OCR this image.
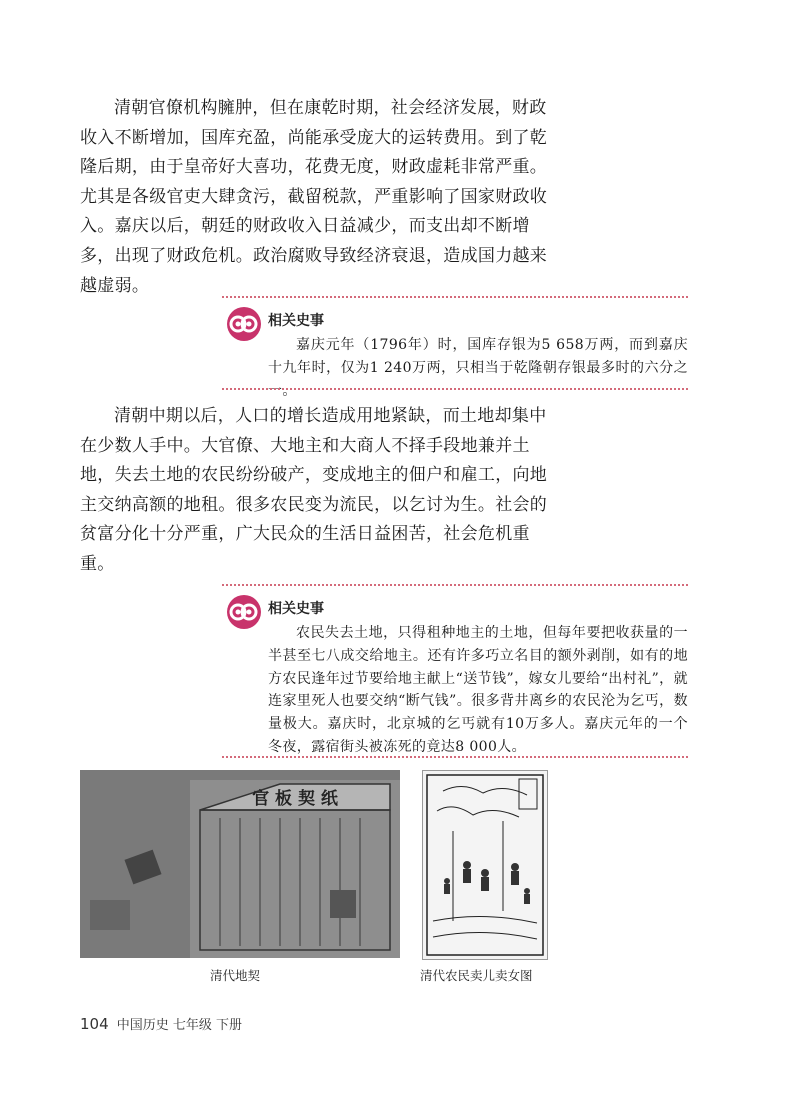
清朝官僚机构臃肿，但在康乾时期，社会经济发展，财政收入不断增加，国库充盈，尚能承受庞大的运转费用。到了乾隆后期，由于皇帝好大喜功，花费无度，财政虚耗非常严重。尤其是各级官吏大肆贪污，截留税款，严重影响了国家财政收入。嘉庆以后，朝廷的财政收入日益减少，而支出却不断增多，出现了财政危机。政治腐败导致经济衰退，造成国力越来越虚弱。

相关史事

嘉庆元年（1796年）时，国库存银为5 658万两，而到嘉庆十九年时，仅为1 240万两，只相当于乾隆朝存银最多时的六分之一。

清朝中期以后，人口的增长造成用地紧缺，而土地却集中在少数人手中。大官僚、大地主和大商人不择手段地兼并土地，失去土地的农民纷纷破产，变成地主的佃户和雇工，向地主交纳高额的地租。很多农民变为流民，以乞讨为生。社会的贫富分化十分严重，广大民众的生活日益困苦，社会危机重重。

相关史事

农民失去土地，只得租种地主的土地，但每年要把收获量的一半甚至七八成交给地主。还有许多巧立名目的额外剥削，如有的地方农民逢年过节要给地主献上“送节钱”，嫁女儿要给“出村礼”，就连家里死人也要交纳“断气钱”。很多背井离乡的农民沦为乞丐，数量极大。嘉庆时，北京城的乞丐就有10万多人。嘉庆元年的一个冬夜，露宿街头被冻死的竟达8 000人。

官 板 契 纸
清代地契	清代农民卖儿卖女图
104 中国历史 七年级 下册
